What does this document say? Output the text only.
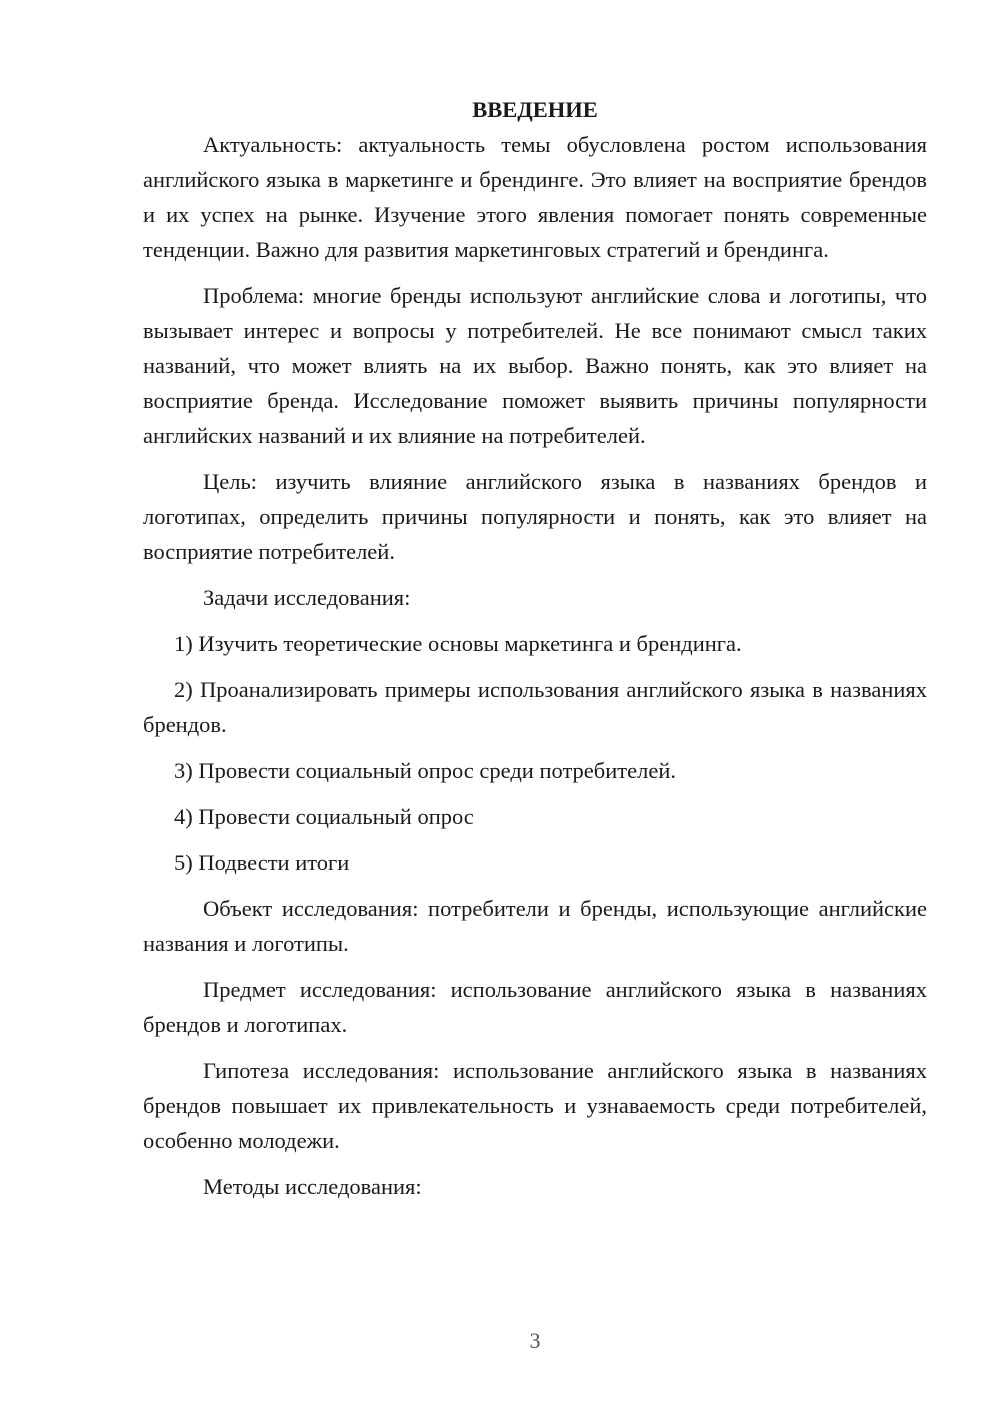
ВВЕДЕНИЕ

Актуальность: актуальность темы обусловлена ростом использования английского языка в маркетинге и брендинге. Это влияет на восприятие брендов и их успех на рынке. Изучение этого явления помогает понять современные тенденции. Важно для развития маркетинговых стратегий и брендинга.

Проблема: многие бренды используют английские слова и логотипы, что вызывает интерес и вопросы у потребителей. Не все понимают смысл таких названий, что может влиять на их выбор. Важно понять, как это влияет на восприятие бренда. Исследование поможет выявить причины популярности английских названий и их влияние на потребителей.

Цель: изучить влияние английского языка в названиях брендов и логотипах, определить причины популярности и понять, как это влияет на восприятие потребителей.

Задачи исследования:

1) Изучить теоретические основы маркетинга и брендинга.

2) Проанализировать примеры использования английского языка в названиях брендов.

3) Провести социальный опрос среди потребителей.

4) Провести социальный опрос

5) Подвести итоги

Объект исследования: потребители и бренды, использующие английские названия и логотипы.

Предмет исследования: использование английского языка в названиях брендов и логотипах.

Гипотеза исследования: использование английского языка в названиях брендов повышает их привлекательность и узнаваемость среди потребителей, особенно молодежи.

Методы исследования:

3
